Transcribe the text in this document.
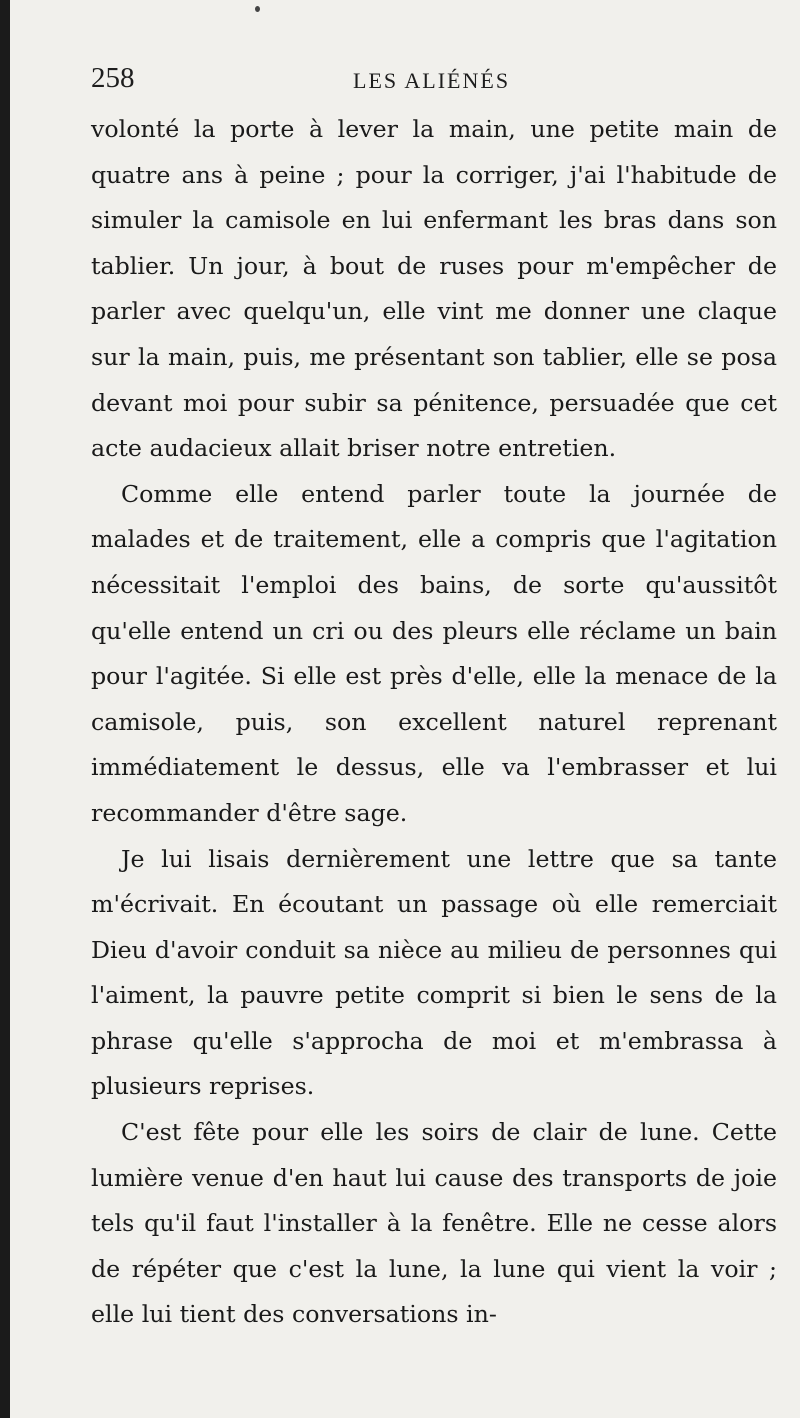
258	LES ALIÉNÉS

volonté la porte à lever la main, une petite main de quatre ans à peine ; pour la corriger, j'ai l'habitude de simuler la camisole en lui enfermant les bras dans son tablier. Un jour, à bout de ruses pour m'empêcher de parler avec quelqu'un, elle vint me donner une claque sur la main, puis, me présentant son tablier, elle se posa devant moi pour subir sa pénitence, persuadée que cet acte audacieux allait briser notre entretien.

Comme elle entend parler toute la journée de malades et de traitement, elle a compris que l'agitation nécessitait l'emploi des bains, de sorte qu'aussitôt qu'elle entend un cri ou des pleurs elle réclame un bain pour l'agitée. Si elle est près d'elle, elle la menace de la camisole, puis, son excellent naturel reprenant immédiatement le dessus, elle va l'embrasser et lui recommander d'être sage.

Je lui lisais dernièrement une lettre que sa tante m'écrivait. En écoutant un passage où elle remerciait Dieu d'avoir conduit sa nièce au milieu de personnes qui l'aiment, la pauvre petite comprit si bien le sens de la phrase qu'elle s'approcha de moi et m'embrassa à plusieurs reprises.

C'est fête pour elle les soirs de clair de lune. Cette lumière venue d'en haut lui cause des transports de joie tels qu'il faut l'installer à la fenêtre. Elle ne cesse alors de répéter que c'est la lune, la lune qui vient la voir ; elle lui tient des conversations in-
